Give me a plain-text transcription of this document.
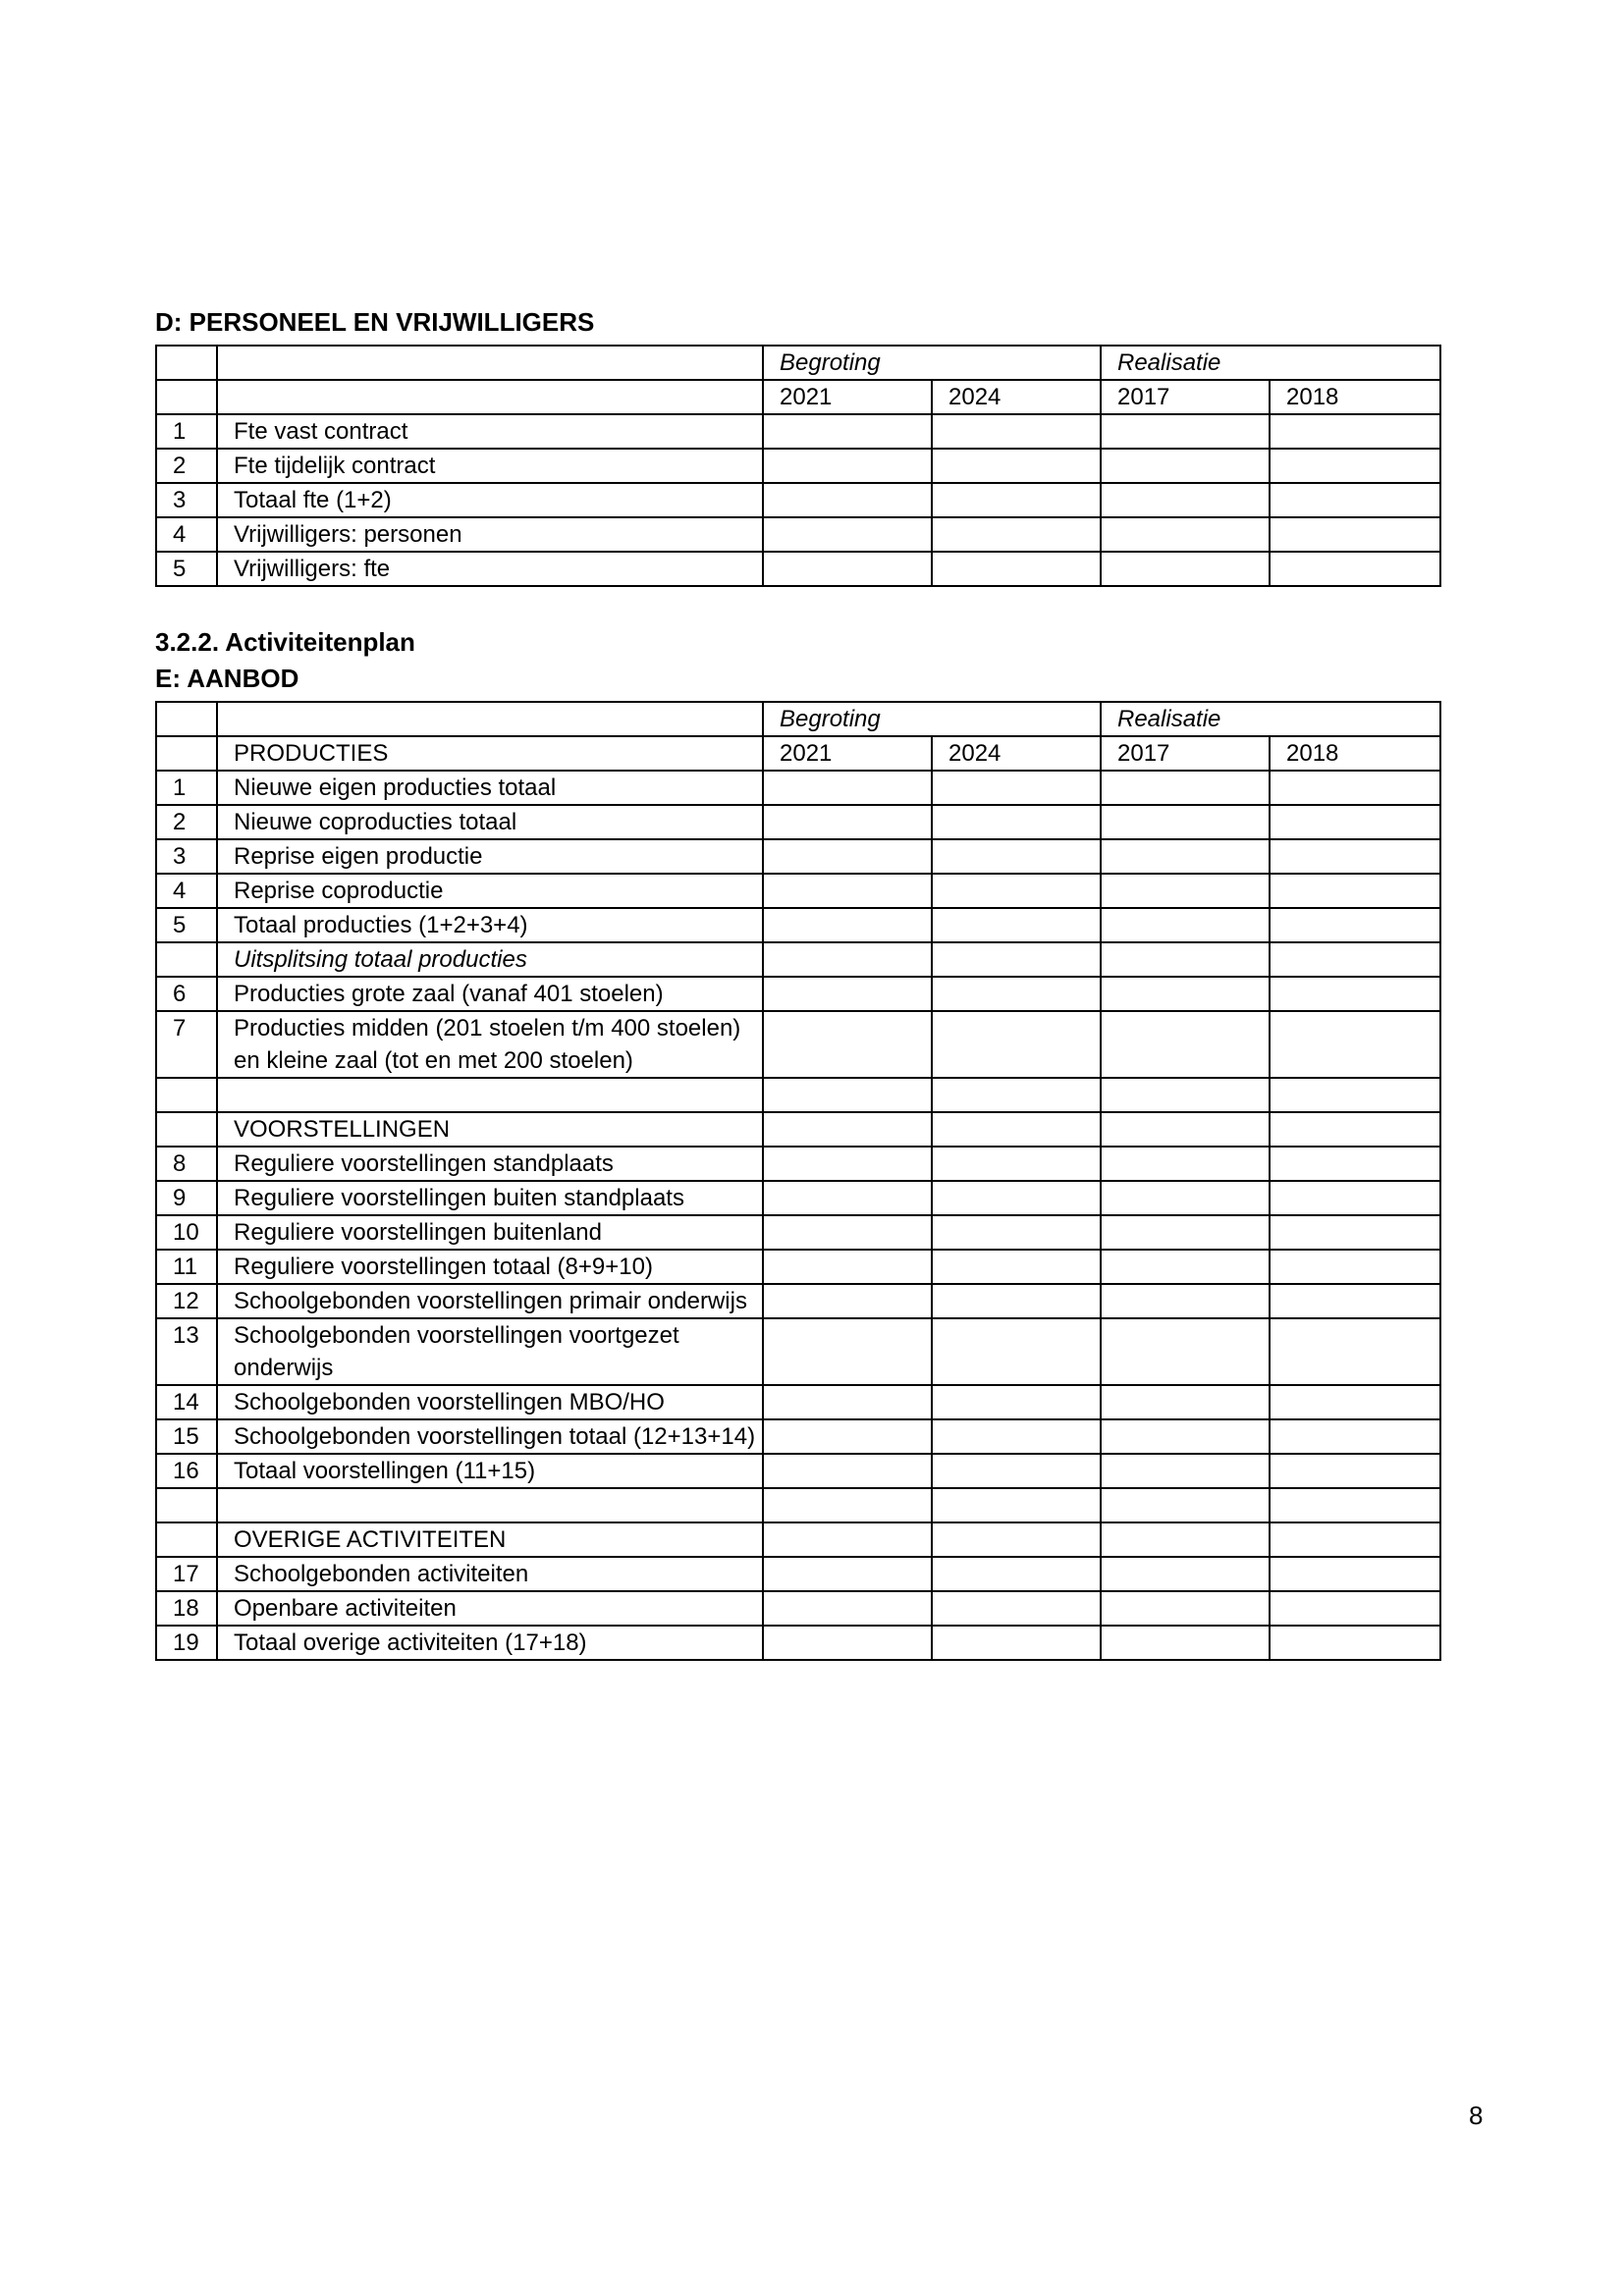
D: PERSONEEL EN VRIJWILLIGERS
		Begroting		Realisatie	
		2021	2024	2017	2018
1	Fte vast contract				
2	Fte tijdelijk contract				
3	Totaal fte (1+2)				
4	Vrijwilligers: personen				
5	Vrijwilligers: fte				
3.2.2. Activiteitenplan
E: AANBOD
		Begroting		Realisatie	
	PRODUCTIES	2021	2024	2017	2018
1	Nieuwe eigen producties totaal				
2	Nieuwe coproducties totaal				
3	Reprise eigen productie				
4	Reprise coproductie				
5	Totaal producties (1+2+3+4)				
	Uitsplitsing totaal producties				
6	Producties grote zaal (vanaf 401 stoelen)				
7	Producties midden (201 stoelen t/m 400 stoelen) en kleine zaal (tot en met 200 stoelen)				

	VOORSTELLINGEN				
8	Reguliere voorstellingen standplaats				
9	Reguliere voorstellingen buiten standplaats				
10	Reguliere voorstellingen buitenland				
11	Reguliere voorstellingen totaal (8+9+10)				
12	Schoolgebonden voorstellingen primair onderwijs				
13	Schoolgebonden voorstellingen voortgezet onderwijs				
14	Schoolgebonden voorstellingen MBO/HO				
15	Schoolgebonden voorstellingen totaal (12+13+14)				
16	Totaal voorstellingen (11+15)				

	OVERIGE ACTIVITEITEN				
17	Schoolgebonden activiteiten				
18	Openbare activiteiten				
19	Totaal overige activiteiten (17+18)				
8
